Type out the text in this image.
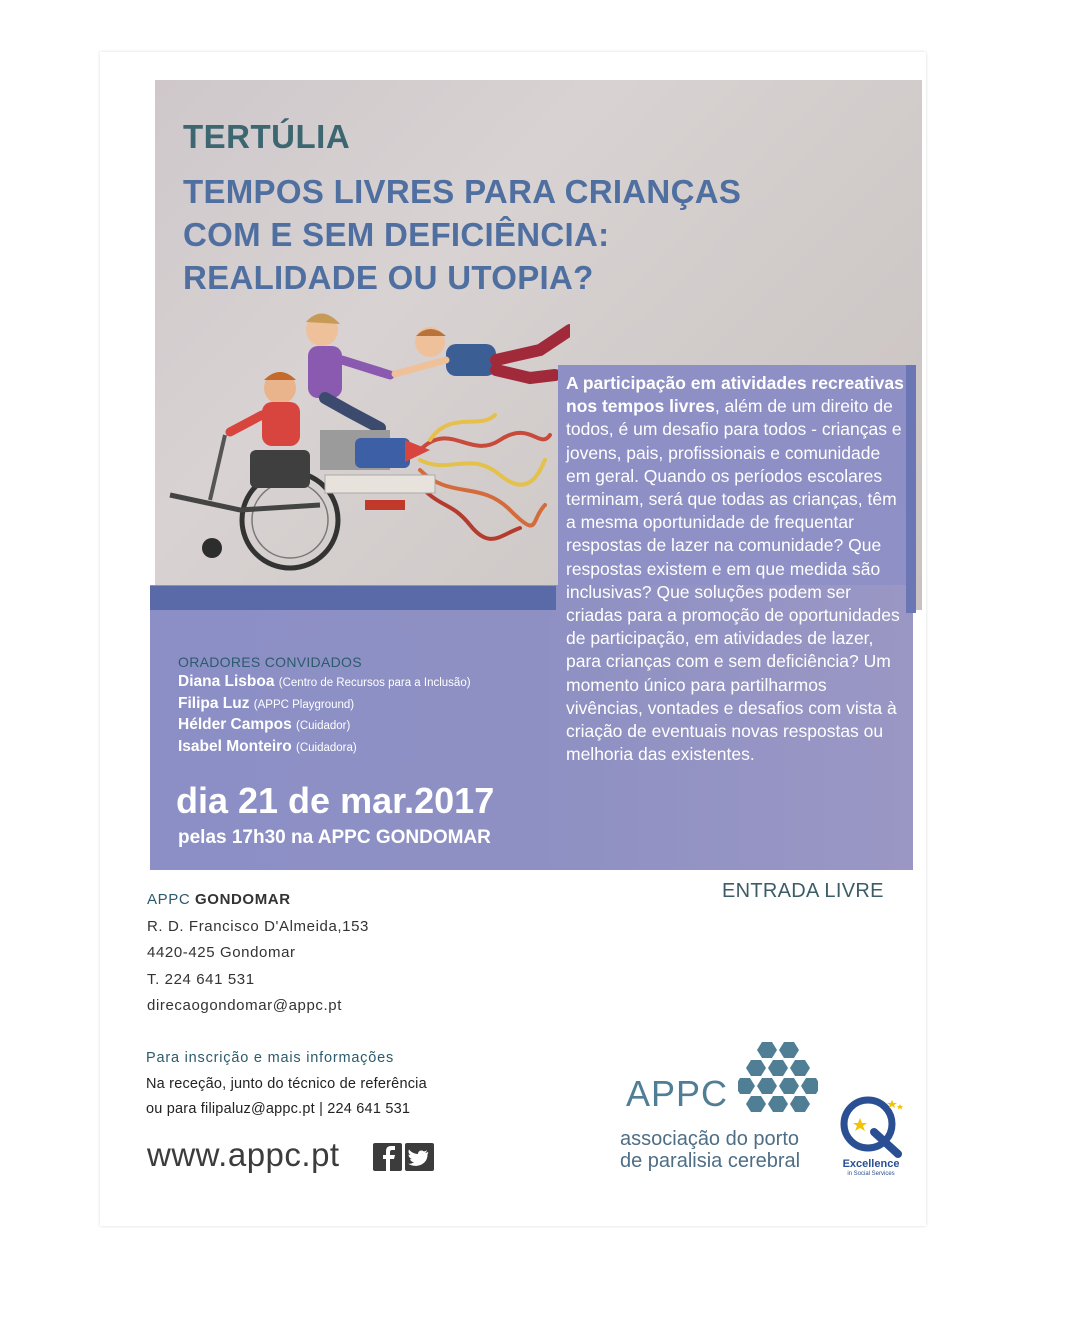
TERTÚLIA
TEMPOS LIVRES PARA CRIANÇAS
COM E SEM DEFICIÊNCIA:
REALIDADE OU UTOPIA?
A participação em atividades recreativas nos tempos livres, além de um direito de todos, é um desafio para todos - crianças e jovens, pais, profissionais e comunidade em geral. Quando os períodos escolares terminam, será que todas as crianças, têm a mesma oportunidade de frequentar respostas de lazer na comunidade? Que respostas existem e em que medida são inclusivas? Que soluções podem ser criadas para a promoção de oportunidades de participação, em atividades de lazer, para crianças com e sem deficiência? Um momento único para partilharmos vivências, vontades e desafios com vista à criação de eventuais novas respostas ou melhoria das existentes.
ORADORES CONVIDADOS
Diana Lisboa (Centro de Recursos para a Inclusão)
Filipa Luz (APPC Playground)
Hélder Campos (Cuidador)
Isabel Monteiro (Cuidadora)
dia 21 de mar.2017
pelas 17h30 na APPC GONDOMAR
ENTRADA LIVRE
APPC GONDOMAR
R. D. Francisco D'Almeida,153
4420-425 Gondomar
T. 224 641 531
direcaogondomar@appc.pt
Para inscrição e mais informações
Na receção, junto do técnico de referência
ou para filipaluz@appc.pt | 224 641 531
www.appc.pt
APPC
associação do porto
de paralisia cerebral	Excellence
in Social Services
